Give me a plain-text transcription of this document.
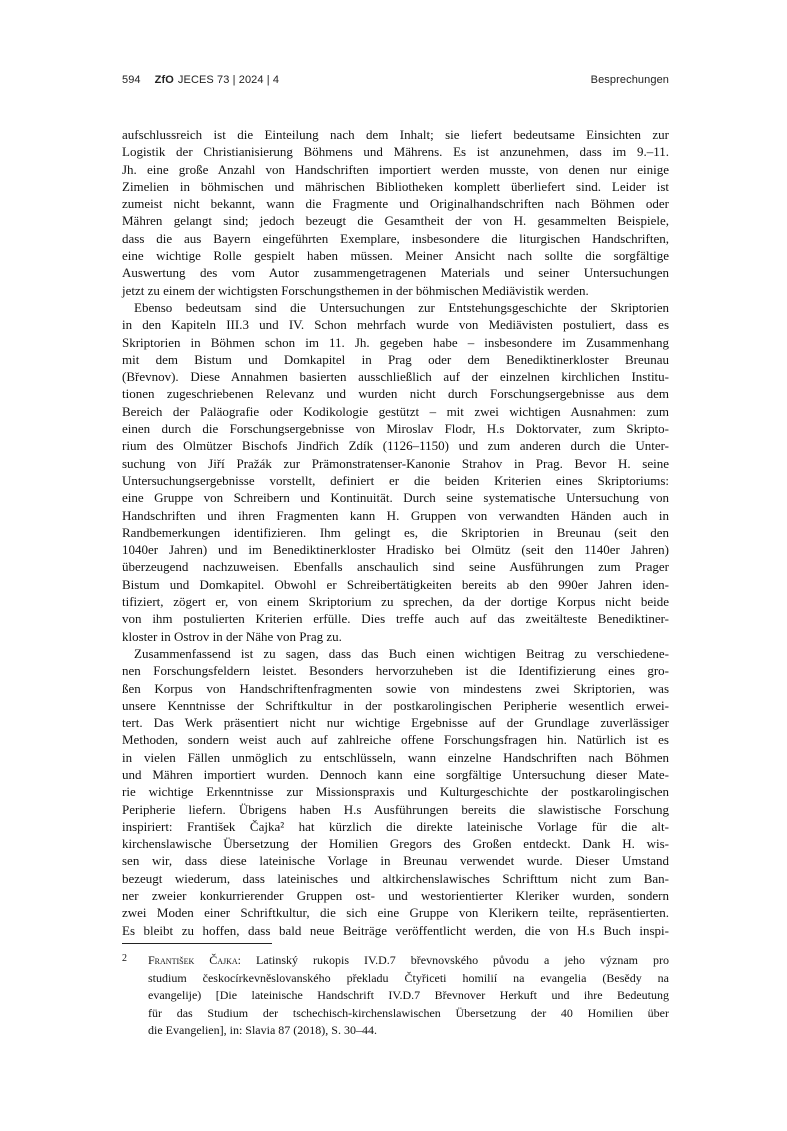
594 ZfO JECES 73 | 2024 | 4	Besprechungen
aufschlussreich ist die Einteilung nach dem Inhalt; sie liefert bedeutsame Einsichten zur
Logistik der Christianisierung Böhmens und Mährens. Es ist anzunehmen, dass im 9.–11.
Jh. eine große Anzahl von Handschriften importiert werden musste, von denen nur einige
Zimelien in böhmischen und mährischen Bibliotheken komplett überliefert sind. Leider ist
zumeist nicht bekannt, wann die Fragmente und Originalhandschriften nach Böhmen oder
Mähren gelangt sind; jedoch bezeugt die Gesamtheit der von H. gesammelten Beispiele,
dass die aus Bayern eingeführten Exemplare, insbesondere die liturgischen Handschriften,
eine wichtige Rolle gespielt haben müssen. Meiner Ansicht nach sollte die sorgfältige
Auswertung des vom Autor zusammengetragenen Materials und seiner Untersuchungen
jetzt zu einem der wichtigsten Forschungsthemen in der böhmischen Mediävistik werden.
Ebenso bedeutsam sind die Untersuchungen zur Entstehungsgeschichte der Skriptorien
in den Kapiteln III.3 und IV. Schon mehrfach wurde von Mediävisten postuliert, dass es
Skriptorien in Böhmen schon im 11. Jh. gegeben habe – insbesondere im Zusammenhang
mit dem Bistum und Domkapitel in Prag oder dem Benediktinerkloster Breunau
(Břevnov). Diese Annahmen basierten ausschließlich auf der einzelnen kirchlichen Institu-
tionen zugeschriebenen Relevanz und wurden nicht durch Forschungsergebnisse aus dem
Bereich der Paläografie oder Kodikologie gestützt – mit zwei wichtigen Ausnahmen: zum
einen durch die Forschungsergebnisse von Miroslav Flodr, H.s Doktorvater, zum Skripto-
rium des Olmützer Bischofs Jindřich Zdík (1126–1150) und zum anderen durch die Unter-
suchung von Jiří Pražák zur Prämonstratenser-Kanonie Strahov in Prag. Bevor H. seine
Untersuchungsergebnisse vorstellt, definiert er die beiden Kriterien eines Skriptoriums:
eine Gruppe von Schreibern und Kontinuität. Durch seine systematische Untersuchung von
Handschriften und ihren Fragmenten kann H. Gruppen von verwandten Händen auch in
Randbemerkungen identifizieren. Ihm gelingt es, die Skriptorien in Breunau (seit den
1040er Jahren) und im Benediktinerkloster Hradisko bei Olmütz (seit den 1140er Jahren)
überzeugend nachzuweisen. Ebenfalls anschaulich sind seine Ausführungen zum Prager
Bistum und Domkapitel. Obwohl er Schreibertätigkeiten bereits ab den 990er Jahren iden-
tifiziert, zögert er, von einem Skriptorium zu sprechen, da der dortige Korpus nicht beide
von ihm postulierten Kriterien erfülle. Dies treffe auch auf das zweitälteste Benediktiner-
kloster in Ostrov in der Nähe von Prag zu.
Zusammenfassend ist zu sagen, dass das Buch einen wichtigen Beitrag zu verschiedene-
nen Forschungsfeldern leistet. Besonders hervorzuheben ist die Identifizierung eines gro-
ßen Korpus von Handschriftenfragmenten sowie von mindestens zwei Skriptorien, was
unsere Kenntnisse der Schriftkultur in der postkarolingischen Peripherie wesentlich erwei-
tert. Das Werk präsentiert nicht nur wichtige Ergebnisse auf der Grundlage zuverlässiger
Methoden, sondern weist auch auf zahlreiche offene Forschungsfragen hin. Natürlich ist es
in vielen Fällen unmöglich zu entschlüsseln, wann einzelne Handschriften nach Böhmen
und Mähren importiert wurden. Dennoch kann eine sorgfältige Untersuchung dieser Mate-
rie wichtige Erkenntnisse zur Missionspraxis und Kulturgeschichte der postkarolingischen
Peripherie liefern. Übrigens haben H.s Ausführungen bereits die slawistische Forschung
inspiriert: František Čajka² hat kürzlich die direkte lateinische Vorlage für die alt-
kirchenslawische Übersetzung der Homilien Gregors des Großen entdeckt. Dank H. wis-
sen wir, dass diese lateinische Vorlage in Breunau verwendet wurde. Dieser Umstand
bezeugt wiederum, dass lateinisches und altkirchenslawisches Schrifttum nicht zum Ban-
ner zweier konkurrierender Gruppen ost- und westorientierter Kleriker wurden, sondern
zwei Moden einer Schriftkultur, die sich eine Gruppe von Klerikern teilte, repräsentierten.
Es bleibt zu hoffen, dass bald neue Beiträge veröffentlicht werden, die von H.s Buch inspi-
2 František Čajka: Latinský rukopis IV.D.7 břevnovského původu a jeho význam pro
studium českocírkevněslovanského překladu Čtyřiceti homilií na evangelia (Besědy na
evangelije) [Die lateinische Handschrift IV.D.7 Břevnover Herkuft und ihre Bedeutung
für das Studium der tschechisch-kirchenslawischen Übersetzung der 40 Homilien über
die Evangelien], in: Slavia 87 (2018), S. 30–44.
